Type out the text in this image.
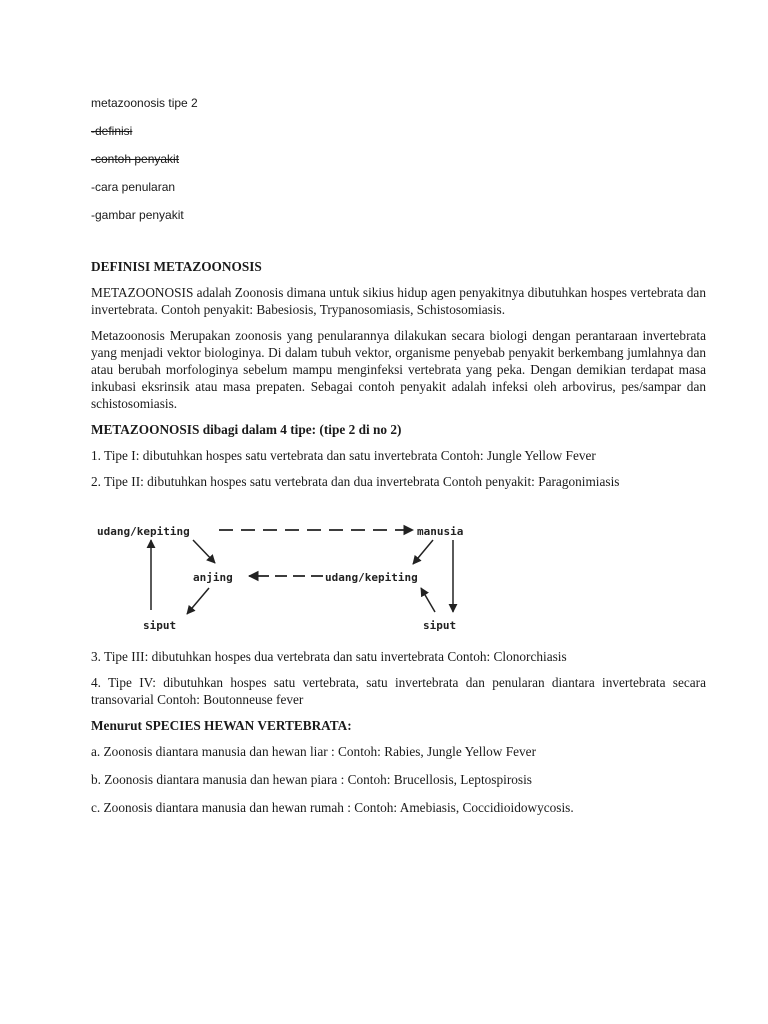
metazoonosis tipe 2
-definisi
-contoh penyakit
-cara penularan
-gambar penyakit
DEFINISI METAZOONOSIS

METAZOONOSIS adalah Zoonosis dimana untuk sikius hidup agen penyakitnya dibutuhkan hospes vertebrata dan invertebrata. Contoh penyakit: Babesiosis, Trypanosomiasis, Schistosomiasis.

Metazoonosis Merupakan zoonosis yang penularannya dilakukan secara biologi dengan perantaraan invertebrata yang menjadi vektor biologinya. Di dalam tubuh vektor, organisme penyebab penyakit berkembang jumlahnya dan atau berubah morfologinya sebelum mampu menginfeksi vertebrata yang peka. Dengan demikian terdapat masa inkubasi eksrinsik atau masa prepaten. Sebagai contoh penyakit adalah infeksi oleh arbovirus, pes/sampar dan schistosomiasis.

METAZOONOSIS dibagi dalam 4 tipe: (tipe 2 di no 2)

1. Tipe I: dibutuhkan hospes satu vertebrata dan satu invertebrata Contoh: Jungle Yellow Fever

2. Tipe II: dibutuhkan hospes satu vertebrata dan dua invertebrata Contoh penyakit: Paragonimiasis

udang/kepiting	manusia
anjing	udang/kepiting
siput	siput

3. Tipe III: dibutuhkan hospes dua vertebrata dan satu invertebrata Contoh: Clonorchiasis

4. Tipe IV: dibutuhkan hospes satu vertebrata, satu invertebrata dan penularan diantara invertebrata secara transovarial Contoh: Boutonneuse fever

Menurut SPECIES HEWAN VERTEBRATA:

a. Zoonosis diantara manusia dan hewan liar : Contoh: Rabies, Jungle Yellow Fever

b. Zoonosis diantara manusia dan hewan piara : Contoh: Brucellosis, Leptospirosis

c. Zoonosis diantara manusia dan hewan rumah : Contoh: Amebiasis, Coccidioidowycosis.
